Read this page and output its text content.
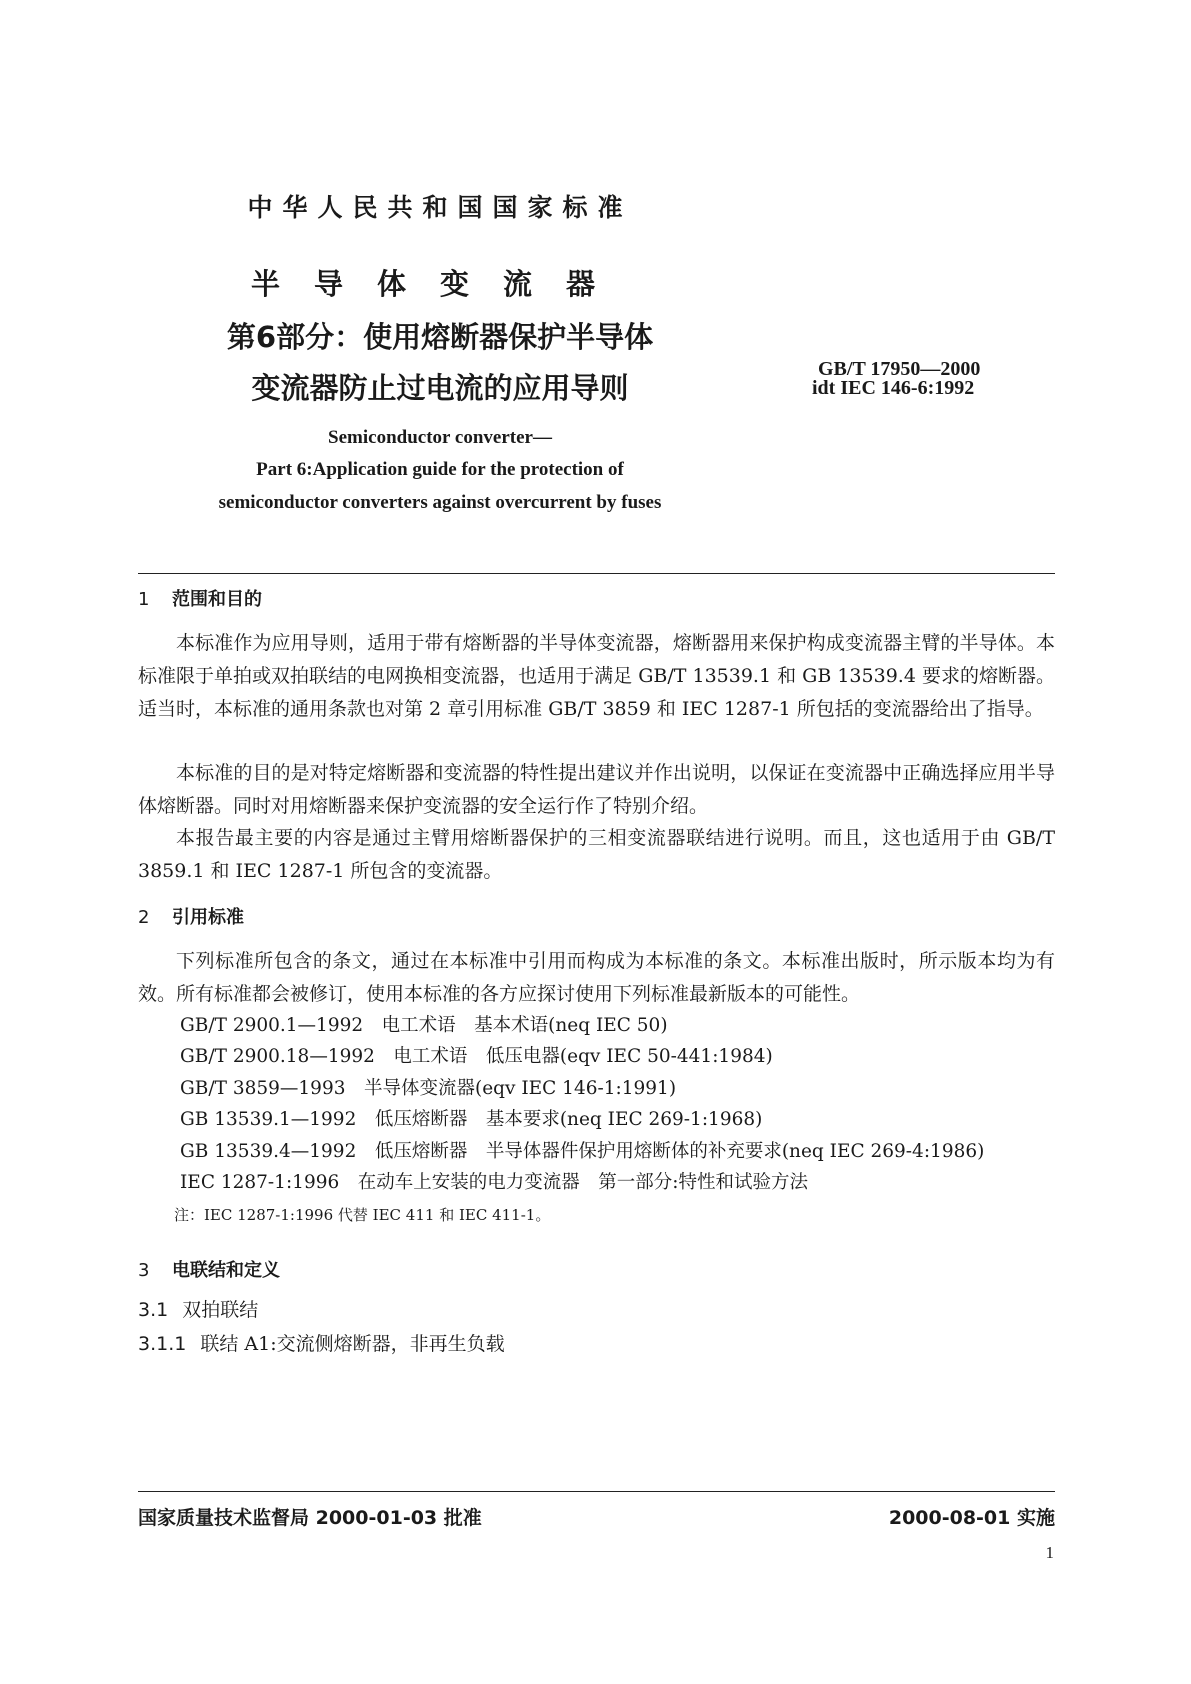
中华人民共和国国家标准
半导体变流器
第6部分：使用熔断器保护半导体
变流器防止过电流的应用导则
GB/T 17950—2000
idt IEC 146-6:1992
Semiconductor converter—
Part 6:Application guide for the protection of
semiconductor converters against overcurrent by fuses
1 范围和目的
本标准作为应用导则，适用于带有熔断器的半导体变流器，熔断器用来保护构成变流器主臂的半导体。本标准限于单拍或双拍联结的电网换相变流器，也适用于满足 GB/T 13539.1 和 GB 13539.4 要求的熔断器。适当时，本标准的通用条款也对第 2 章引用标准 GB/T 3859 和 IEC 1287-1 所包括的变流器给出了指导。
本标准的目的是对特定熔断器和变流器的特性提出建议并作出说明，以保证在变流器中正确选择应用半导体熔断器。同时对用熔断器来保护变流器的安全运行作了特别介绍。
本报告最主要的内容是通过主臂用熔断器保护的三相变流器联结进行说明。而且，这也适用于由 GB/T 3859.1 和 IEC 1287-1 所包含的变流器。
2 引用标准
下列标准所包含的条文，通过在本标准中引用而构成为本标准的条文。本标准出版时，所示版本均为有效。所有标准都会被修订，使用本标准的各方应探讨使用下列标准最新版本的可能性。
GB/T 2900.1—1992　电工术语　基本术语(neq IEC 50)
GB/T 2900.18—1992　电工术语　低压电器(eqv IEC 50-441:1984)
GB/T 3859—1993　半导体变流器(eqv IEC 146-1:1991)
GB 13539.1—1992　低压熔断器　基本要求(neq IEC 269-1:1968)
GB 13539.4—1992　低压熔断器　半导体器件保护用熔断体的补充要求(neq IEC 269-4:1986)
IEC 1287-1:1996　在动车上安装的电力变流器　第一部分:特性和试验方法
注：IEC 1287-1:1996 代替 IEC 411 和 IEC 411-1。
3 电联结和定义
3.1 双拍联结
3.1.1 联结 A1:交流侧熔断器，非再生负载
国家质量技术监督局 2000-01-03 批准	2000-08-01 实施
1
